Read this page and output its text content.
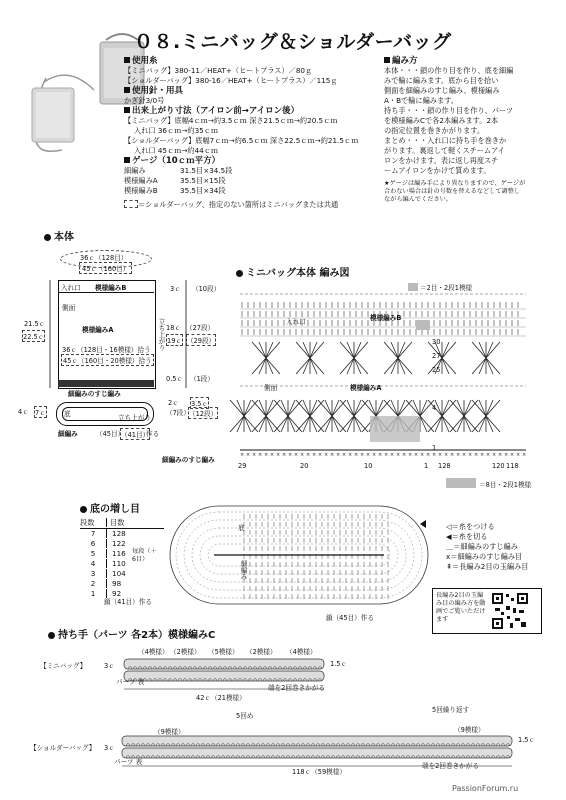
０８.ミニバッグ＆ショルダーバッグ
使用糸
【ミニバッグ】380-11／HEAT+（ヒートプラス）／80ｇ
【ショルダーバッグ】380-16／HEAT+（ヒートプラス）／115ｇ
使用針・用具
かぎ針3/0号
出来上がり寸法（アイロン前→アイロン後）
【ミニバッグ】底幅4ｃｍ→約3.5ｃｍ 深さ21.5ｃｍ→約20.5ｃｍ
入れ口 36ｃｍ→約35ｃｍ
【ショルダーバッグ】底幅7ｃｍ→約6.5ｃｍ 深さ22.5ｃｍ→約21.5ｃｍ
入れ口 45ｃｍ→約44ｃｍ
ゲージ（10ｃｍ平方）
細編み	31.5目×34.5段
模様編みA	35.5目×15段
模様編みB	35.5目×34段
＝ショルダーバッグ、指定のない箇所はミニバッグまたは共通
編み方
本体・・・鎖の作り目を作り、底を細編
みで輪に編みます。底から目を拾い
側面を細編みのすじ編み、模様編み
A・Bで輪に編みます。
持ち手・・・鎖の作り目を作り、パーツ
を模様編みCで各2本編みます。2本
の指定位置を巻きかがります。
まとめ・・・入れ口に持ち手を巻きか
がります。裏返して軽くスチームアイ
ロンをかけます。表に返し再度スチ
ームアイロンをかけて質めます。
★ゲージは編み手により異なりますので、ゲージが
合わない場合は針の号数を替えるなどして調整し
ながら編んでください。
本体
36ｃ（128目）
45ｃ（160目）
入れ口 模様編みB
側面
模様編みA
36ｃ（128目・16模様）拾う
45ｃ（160目・20模様）拾う
細編みのすじ編み
立ち上がり
21.5ｃ
22.5ｃ
3ｃ （10段）
18ｃ （27段）
19ｃ （29段）
0.5ｃ （1段）
底	立ち上がり
4ｃ 7ｃ
細編み	（45目）
（41目）
作る
2ｃ
（7段）
3.5ｃ
（12段）
ミニバッグ本体 編み図
＝2目・2段1模様
× × × × × × × × × × × × × × × × × × × × × × × × × × × × × × × × × × × × × × × × × × × × × × × ×
入れ口	模様編みB
側面	模様編みA
細編みのすじ編み
30
27
25
4
1
29	20	10	1 128	120 118
＝8目・2段1模様
底の増し目
段数 目数
7 128
6 122
5 116
4 110
3 104
2 98
1 92
毎段（＋6目）
鎖（41目）作る
底
細編み
鎖（45目）作る
◁＝糸をつける
◀＝糸を切る
＿＝細編みのすじ編み
ⅹ＝細編みのすじ編み目
⇞＝長編み2目の玉編み目
長編み2目の玉編み目の編み方を動画でご覧いただけます
持ち手（パーツ 各2本）模様編みC
【ミニバッグ】	3ｃ
（4模様） （2模様） （5模様） （2模様） （4模様）
1.5ｃ
パーツ 表
端を2回巻きかがる
42ｃ（21模様）
【ショルダーバッグ】 3ｃ
（9模様）
5回め
5回繰り返す
（9模様）
1.5ｃ
パーツ 表	端を2回巻きかがる
118ｃ（59模様）
PassionForum.ru
